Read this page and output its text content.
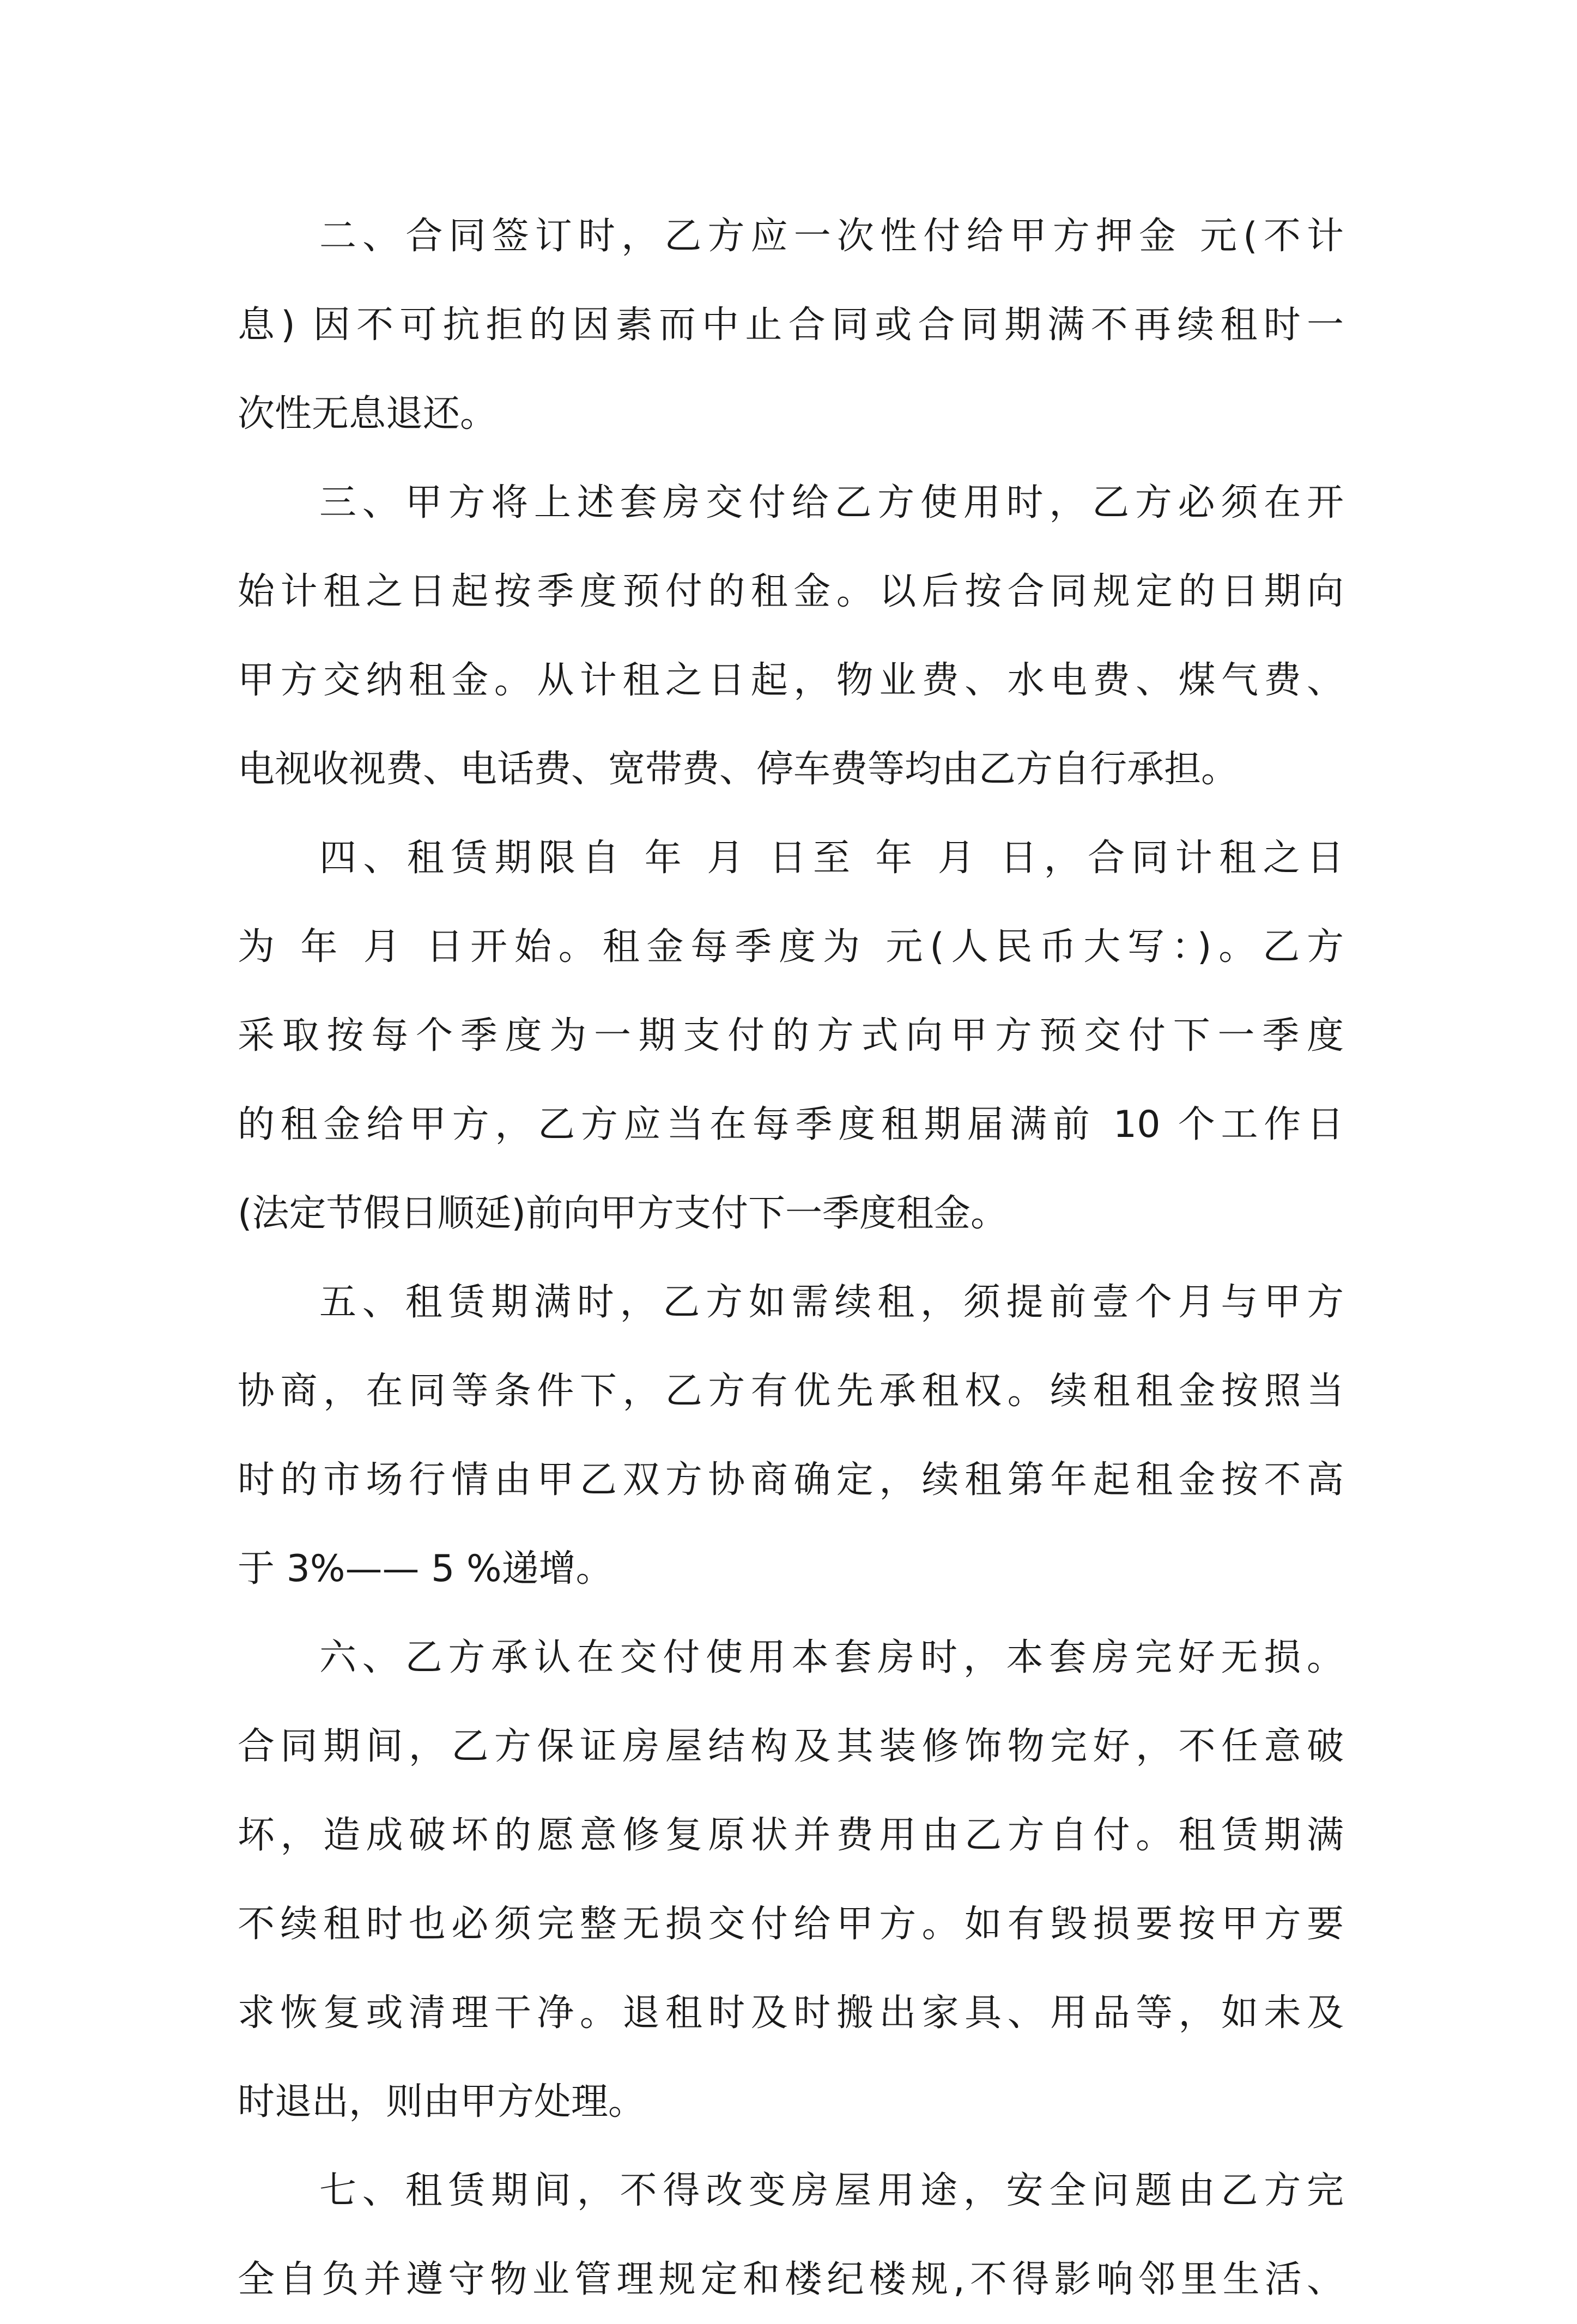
二、合同签订时，乙方应一次性付给甲方押金 元(不计
息) 因不可抗拒的因素而中止合同或合同期满不再续租时一
次性无息退还。
三、甲方将上述套房交付给乙方使用时，乙方必须在开
始计租之日起按季度预付的租金。以后按合同规定的日期向
甲方交纳租金。从计租之日起，物业费、水电费、煤气费、
电视收视费、电话费、宽带费、停车费等均由乙方自行承担。
四、租赁期限自 年 月 日至 年 月 日，合同计租之日
为 年 月 日开始。租金每季度为 元(人民币大写：)。乙方
采取按每个季度为一期支付的方式向甲方预交付下一季度
的租金给甲方，乙方应当在每季度租期届满前 10 个工作日
(法定节假日顺延)前向甲方支付下一季度租金。
五、租赁期满时，乙方如需续租，须提前壹个月与甲方
协商，在同等条件下，乙方有优先承租权。续租租金按照当
时的市场行情由甲乙双方协商确定，续租第年起租金按不高
于 3%—— 5 %递增。
六、乙方承认在交付使用本套房时，本套房完好无损。
合同期间，乙方保证房屋结构及其装修饰物完好，不任意破
坏，造成破坏的愿意修复原状并费用由乙方自付。租赁期满
不续租时也必须完整无损交付给甲方。如有毁损要按甲方要
求恢复或清理干净。退租时及时搬出家具、用品等，如未及
时退出，则由甲方处理。
七、租赁期间，不得改变房屋用途，安全问题由乙方完
全自负并遵守物业管理规定和楼纪楼规,不得影响邻里生活、
